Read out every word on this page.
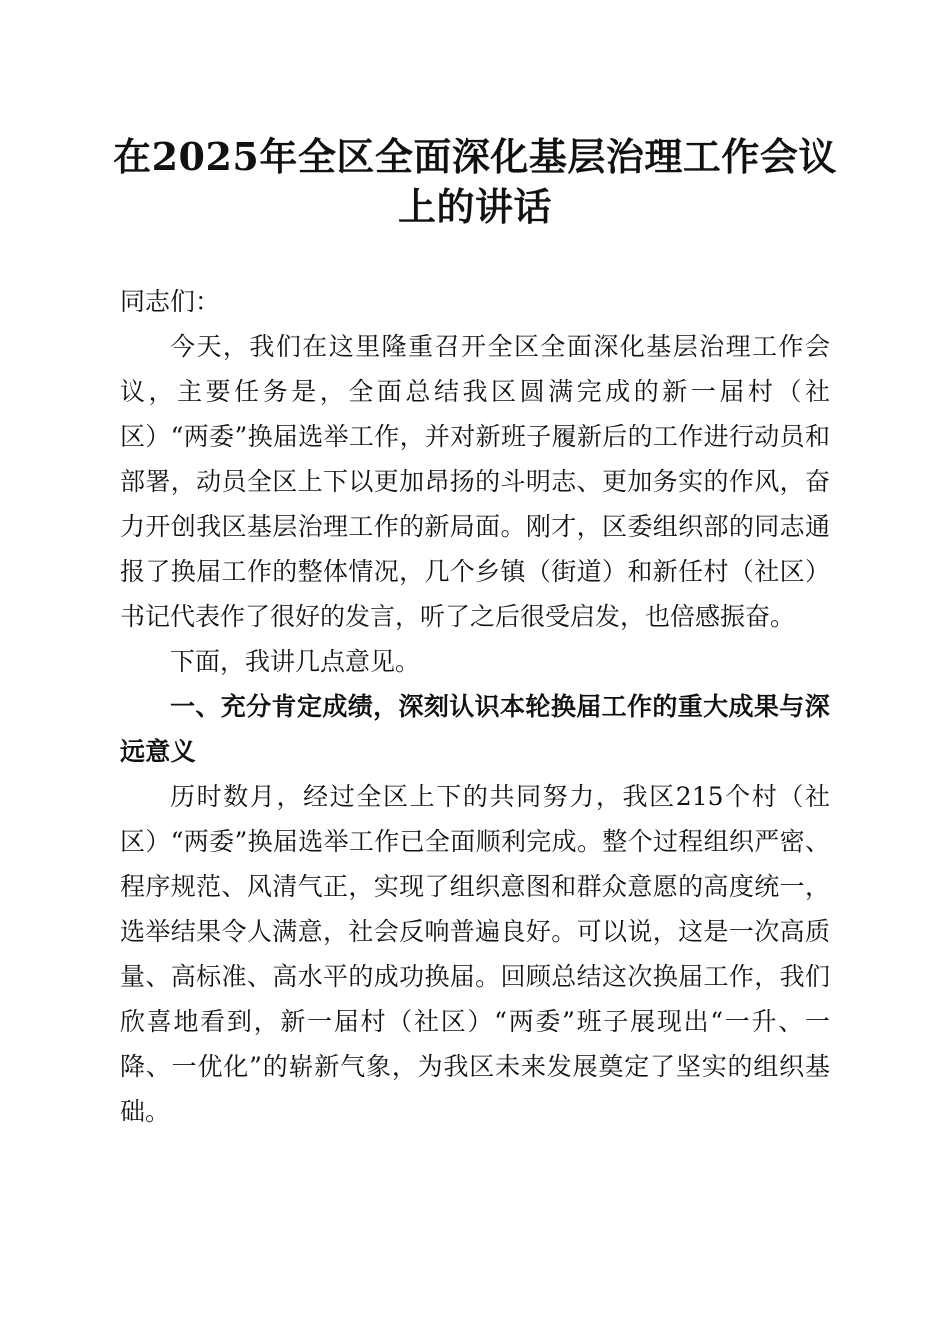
在2025年全区全面深化基层治理工作会议上的讲话

同志们：

今天，我们在这里隆重召开全区全面深化基层治理工作会议，主要任务是，全面总结我区圆满完成的新一届村（社区）“两委”换届选举工作，并对新班子履新后的工作进行动员和部署，动员全区上下以更加昂扬的斗明志、更加务实的作风，奋力开创我区基层治理工作的新局面。刚才，区委组织部的同志通报了换届工作的整体情况，几个乡镇（街道）和新任村（社区）书记代表作了很好的发言，听了之后很受启发，也倍感振奋。

下面，我讲几点意见。

一、充分肯定成绩，深刻认识本轮换届工作的重大成果与深远意义

历时数月，经过全区上下的共同努力，我区215个村（社区）“两委”换届选举工作已全面顺利完成。整个过程组织严密、程序规范、风清气正，实现了组织意图和群众意愿的高度统一，选举结果令人满意，社会反响普遍良好。可以说，这是一次高质量、高标准、高水平的成功换届。回顾总结这次换届工作，我们欣喜地看到，新一届村（社区）“两委”班子展现出“一升、一降、一优化”的崭新气象，为我区未来发展奠定了坚实的组织基础。
